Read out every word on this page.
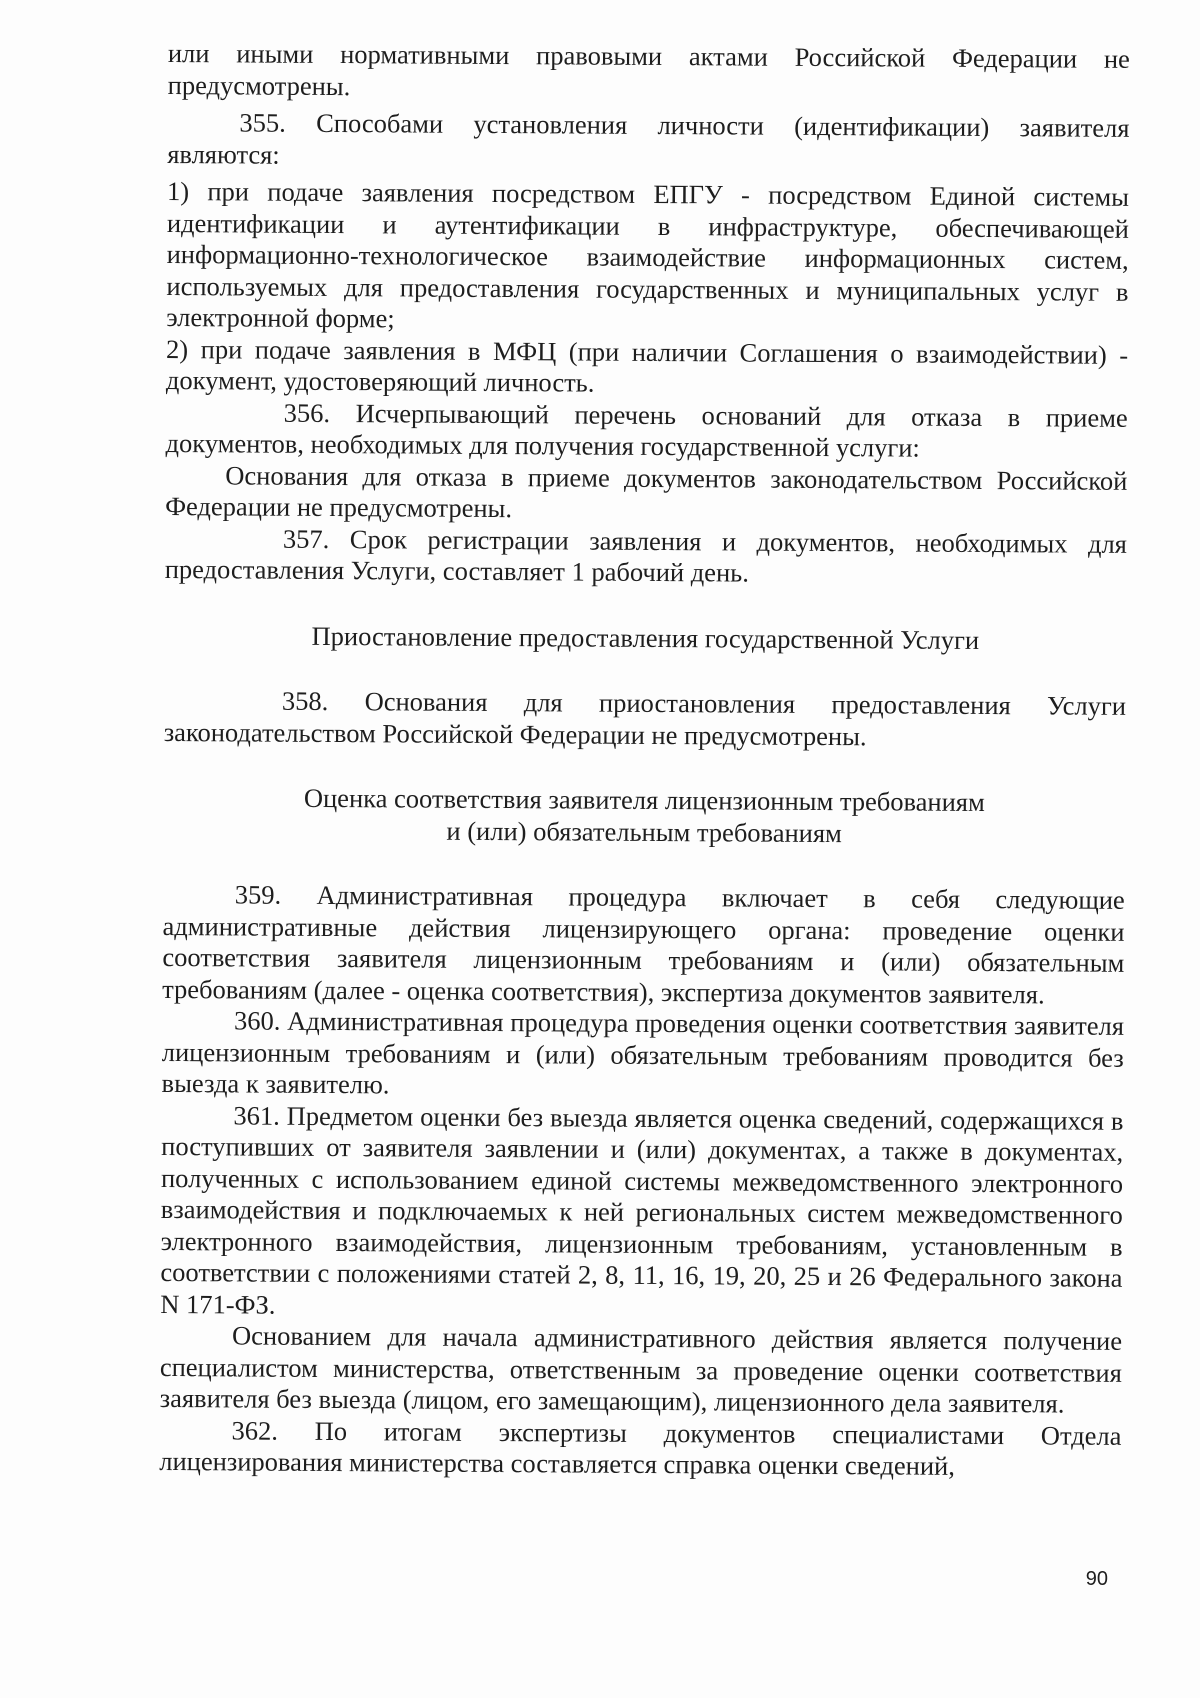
или иными нормативными правовыми актами Российской Федерации не предусмотрены.

355. Способами установления личности (идентификации) заявителя являются:

1) при подаче заявления посредством ЕПГУ - посредством Единой системы идентификации и аутентификации в инфраструктуре, обеспечивающей информационно-технологическое взаимодействие информационных систем, используемых для предоставления государственных и муниципальных услуг в электронной форме;

2) при подаче заявления в МФЦ (при наличии Соглашения о взаимодействии) - документ, удостоверяющий личность.

356. Исчерпывающий перечень оснований для отказа в приеме документов, необходимых для получения государственной услуги:

Основания для отказа в приеме документов законодательством Российской Федерации не предусмотрены.

357. Срок регистрации заявления и документов, необходимых для предоставления Услуги, составляет 1 рабочий день.

Приостановление предоставления государственной Услуги

358. Основания для приостановления предоставления Услуги законодательством Российской Федерации не предусмотрены.

Оценка соответствия заявителя лицензионным требованиям

и (или) обязательным требованиям

359. Административная процедура включает в себя следующие административные действия лицензирующего органа: проведение оценки соответствия заявителя лицензионным требованиям и (или) обязательным требованиям (далее - оценка соответствия), экспертиза документов заявителя.

360. Административная процедура проведения оценки соответствия заявителя лицензионным требованиям и (или) обязательным требованиям проводится без выезда к заявителю.

361. Предметом оценки без выезда является оценка сведений, содержащихся в поступивших от заявителя заявлении и (или) документах, а также в документах, полученных с использованием единой системы межведомственного электронного взаимодействия и подключаемых к ней региональных систем межведомственного электронного взаимодействия, лицензионным требованиям, установленным в соответствии с положениями статей 2, 8, 11, 16, 19, 20, 25 и 26 Федерального закона N 171-ФЗ.

Основанием для начала административного действия является получение специалистом министерства, ответственным за проведение оценки соответствия заявителя без выезда (лицом, его замещающим), лицензионного дела заявителя.

362. По итогам экспертизы документов специалистами Отдела лицензирования министерства составляется справка оценки сведений,

90
